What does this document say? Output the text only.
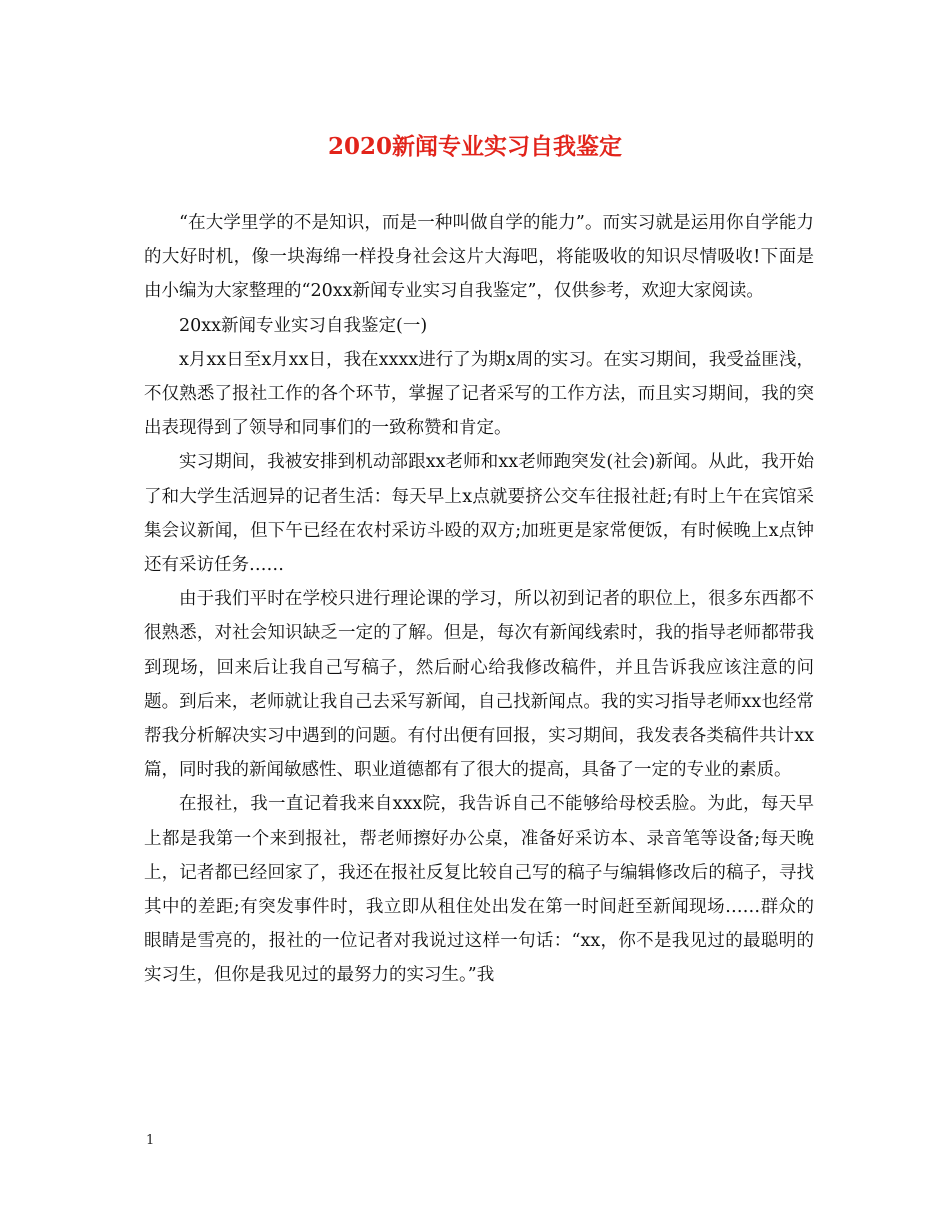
2020新闻专业实习自我鉴定

“在大学里学的不是知识，而是一种叫做自学的能力”。而实习就是运用你自学能力的大好时机，像一块海绵一样投身社会这片大海吧，将能吸收的知识尽情吸收!下面是由小编为大家整理的“20xx新闻专业实习自我鉴定”，仅供参考，欢迎大家阅读。

20xx新闻专业实习自我鉴定(一)

x月xx日至x月xx日，我在xxxx进行了为期x周的实习。在实习期间，我受益匪浅，不仅熟悉了报社工作的各个环节，掌握了记者采写的工作方法，而且实习期间，我的突出表现得到了领导和同事们的一致称赞和肯定。

实习期间，我被安排到机动部跟xx老师和xx老师跑突发(社会)新闻。从此，我开始了和大学生活迥异的记者生活：每天早上x点就要挤公交车往报社赶;有时上午在宾馆采集会议新闻，但下午已经在农村采访斗殴的双方;加班更是家常便饭，有时候晚上x点钟还有采访任务……

由于我们平时在学校只进行理论课的学习，所以初到记者的职位上，很多东西都不很熟悉，对社会知识缺乏一定的了解。但是，每次有新闻线索时，我的指导老师都带我到现场，回来后让我自己写稿子，然后耐心给我修改稿件，并且告诉我应该注意的问题。到后来，老师就让我自己去采写新闻，自己找新闻点。我的实习指导老师xx也经常帮我分析解决实习中遇到的问题。有付出便有回报，实习期间，我发表各类稿件共计xx篇，同时我的新闻敏感性、职业道德都有了很大的提高，具备了一定的专业的素质。

在报社，我一直记着我来自xxx院，我告诉自己不能够给母校丢脸。为此，每天早上都是我第一个来到报社，帮老师擦好办公桌，准备好采访本、录音笔等设备;每天晚上，记者都已经回家了，我还在报社反复比较自己写的稿子与编辑修改后的稿子，寻找其中的差距;有突发事件时，我立即从租住处出发在第一时间赶至新闻现场……群众的眼睛是雪亮的，报社的一位记者对我说过这样一句话：“xx，你不是我见过的最聪明的实习生，但你是我见过的最努力的实习生。”我

1
